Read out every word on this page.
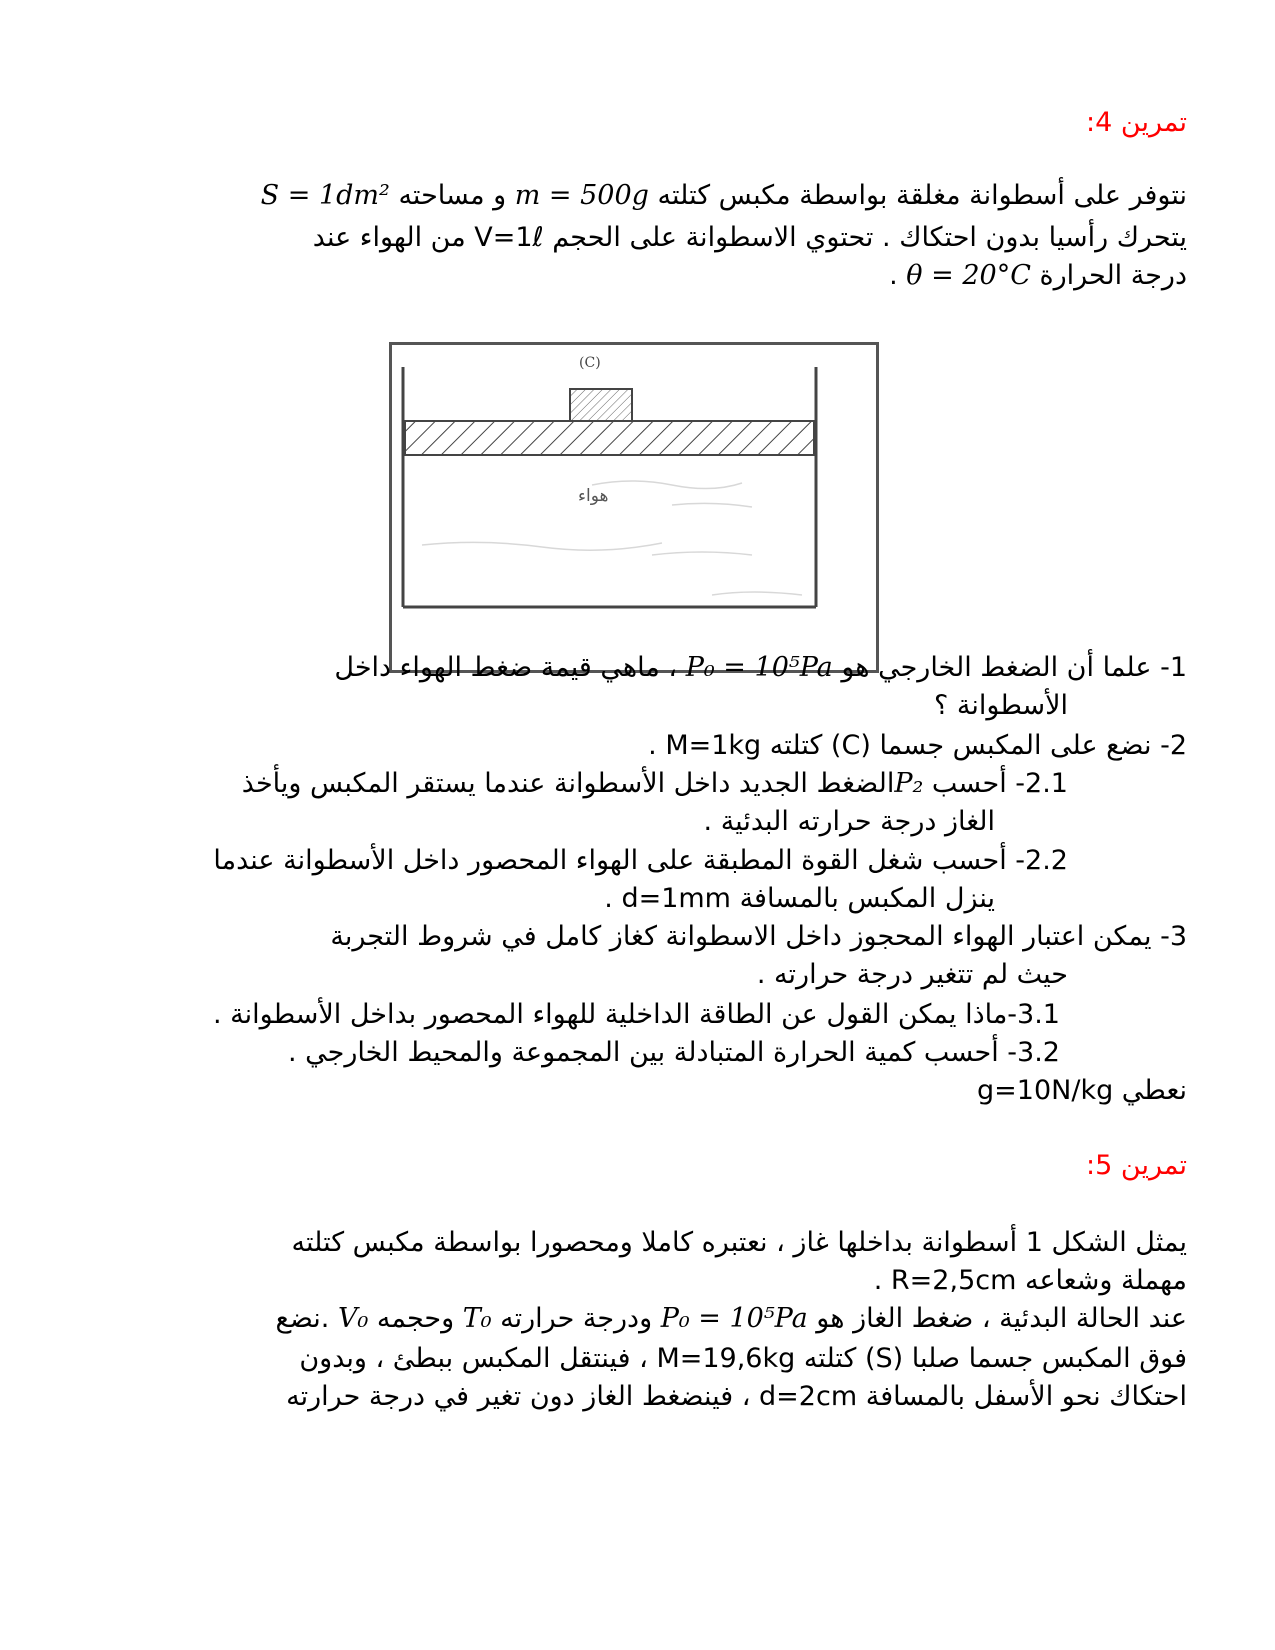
تمرين 4:
نتوفر على أسطوانة مغلقة بواسطة مكبس كتلته m = 500g و مساحته S = 1dm²
يتحرك رأسيا بدون احتكاك . تحتوي الاسطوانة على الحجم V=1ℓ من الهواء عند
درجة الحرارة θ = 20°C .
(C)
هواء
1- علما أن الضغط الخارجي هو P₀ = 10⁵Pa ، ماهي قيمة ضغط الهواء داخل
الأسطوانة ؟
2- نضع على المكبس جسما (C) كتلته M=1kg .
2.1- أحسب P₂الضغط الجديد داخل الأسطوانة عندما يستقر المكبس ويأخذ
الغاز درجة حرارته البدئية .
2.2- أحسب شغل القوة المطبقة على الهواء المحصور داخل الأسطوانة عندما
ينزل المكبس بالمسافة d=1mm .
3- يمكن اعتبار الهواء المحجوز داخل الاسطوانة كغاز كامل في شروط التجربة
حيث لم تتغير درجة حرارته .
3.1-ماذا يمكن القول عن الطاقة الداخلية للهواء المحصور بداخل الأسطوانة .
3.2- أحسب كمية الحرارة المتبادلة بين المجموعة والمحيط الخارجي .
نعطي g=10N/kg
تمرين 5:
يمثل الشكل 1 أسطوانة بداخلها غاز ، نعتبره كاملا ومحصورا بواسطة مكبس كتلته
مهملة وشعاعه R=2,5cm .
عند الحالة البدئية ، ضغط الغاز هو P₀ = 10⁵Pa ودرجة حرارته T₀ وحجمه V₀ .نضع
فوق المكبس جسما صلبا (S) كتلته M=19,6kg ، فينتقل المكبس ببطئ ، وبدون
احتكاك نحو الأسفل بالمسافة d=2cm ، فينضغط الغاز دون تغير في درجة حرارته
